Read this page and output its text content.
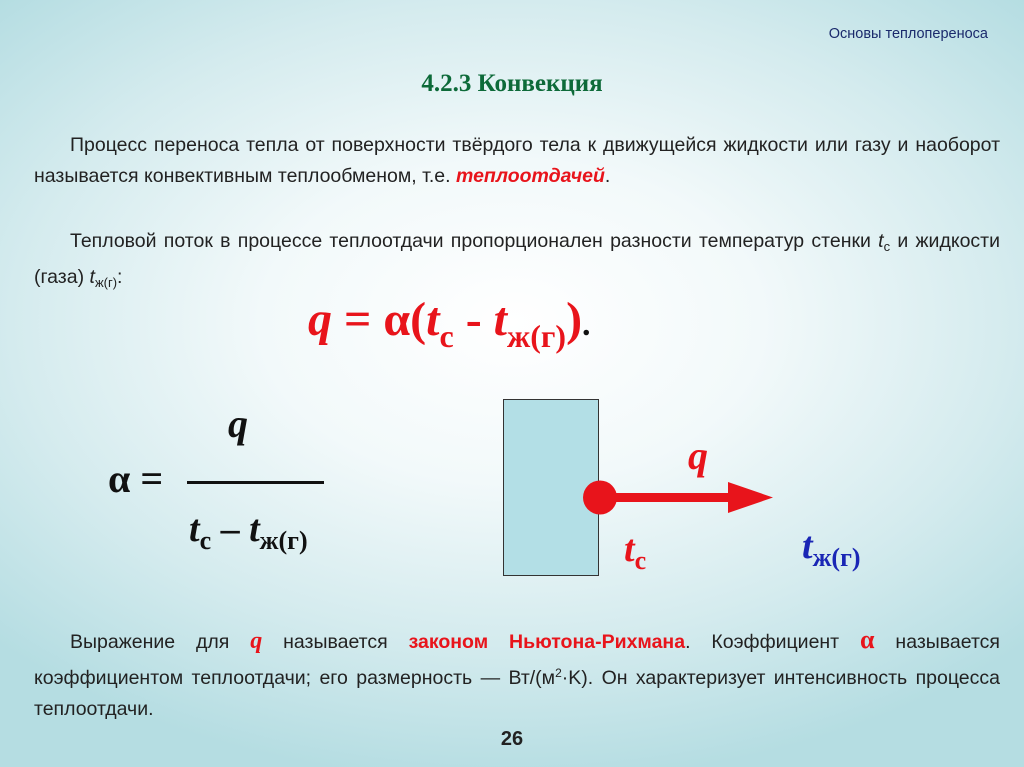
Основы теплопереноса
4.2.3 Конвекция
Процесс переноса тепла от поверхности твёрдого тела к движущейся жидкости или газу и наоборот называется конвективным теплообменом, т.е. теплоотдачей.
Тепловой поток в процессе теплоотдачи пропорционален разности температур стенки $t_с$ и жидкости (газа) $t_{ж(г)}$:
$q = \alpha(t_с - t_{ж(г)})$.
α =
q
$t_с - t_{ж(г)}$
q
$t_с$	$t_{ж(г)}$
Выражение для q называется законом Ньютона-Рихмана. Коэффициент α называется коэффициентом теплоотдачи; его размерность — $Вт/(м^2\cdot K)$. Он характеризует интенсивность процесса теплоотдачи.
26
